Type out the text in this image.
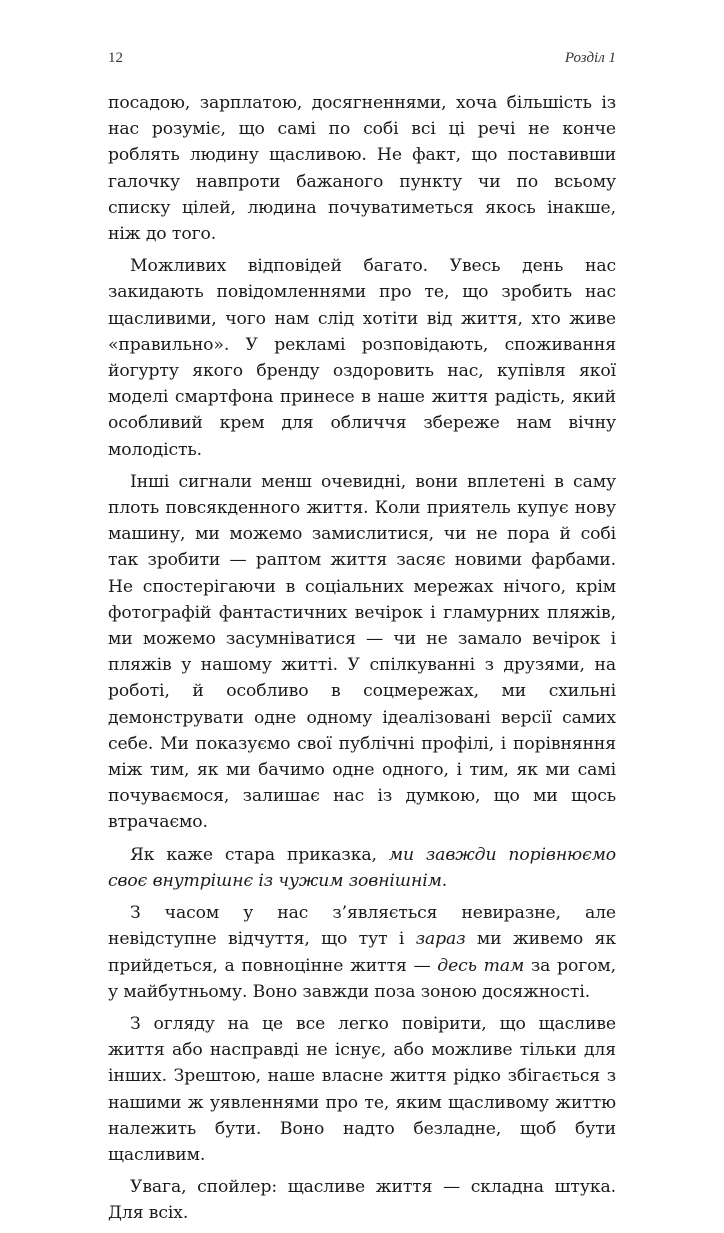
12	Розділ 1

посадою, зарплатою, досягненнями, хоча більшість із нас розуміє, що самі по собі всі ці речі не конче роблять людину щасливою. Не факт, що поставивши галочку навпроти бажаного пункту чи по всьому списку цілей, людина почуватиметься якось інакше, ніж до того.

Можливих відповідей багато. Увесь день нас закидають повідомленнями про те, що зробить нас щасливими, чого нам слід хотіти від життя, хто живе «правильно». У рекламі розповідають, споживання йогурту якого бренду оздоровить нас, купівля якої моделі смартфона принесе в наше життя радість, який особливий крем для обличчя збереже нам вічну молодість.

Інші сигнали менш очевидні, вони вплетені в саму плоть повсякденного життя. Коли приятель купує нову машину, ми можемо замислитися, чи не пора й собі так зробити — раптом життя засяє новими фарбами. Не спостерігаючи в соціальних мережах нічого, крім фотографій фантастичних вечірок і гламурних пляжів, ми можемо засумніватися — чи не замало вечірок і пляжів у нашому житті. У спілкуванні з друзями, на роботі, й особливо в соцмережах, ми схильні демонструвати одне одному ідеалізовані версії самих себе. Ми показуємо свої публічні профілі, і порівняння між тим, як ми бачимо одне одного, і тим, як ми самі почуваємося, залишає нас із думкою, що ми щось втрачаємо.

Як каже стара приказка, ми завжди порівнюємо своє внутрішнє із чужим зовнішнім.

З часом у нас з’являється невиразне, але невідступне відчуття, що тут і зараз ми живемо як прийдеться, а повноцінне життя — десь там за рогом, у майбутньому. Воно завжди поза зоною досяжності.

З огляду на це все легко повірити, що щасливе життя або насправді не існує, або можливе тільки для інших. Зрештою, наше власне життя рідко збігається з нашими ж уявленнями про те, яким щасливому життю належить бути. Воно надто безладне, щоб бути щасливим.

Увага, спойлер: щасливе життя — складна штука. Для всіх.
